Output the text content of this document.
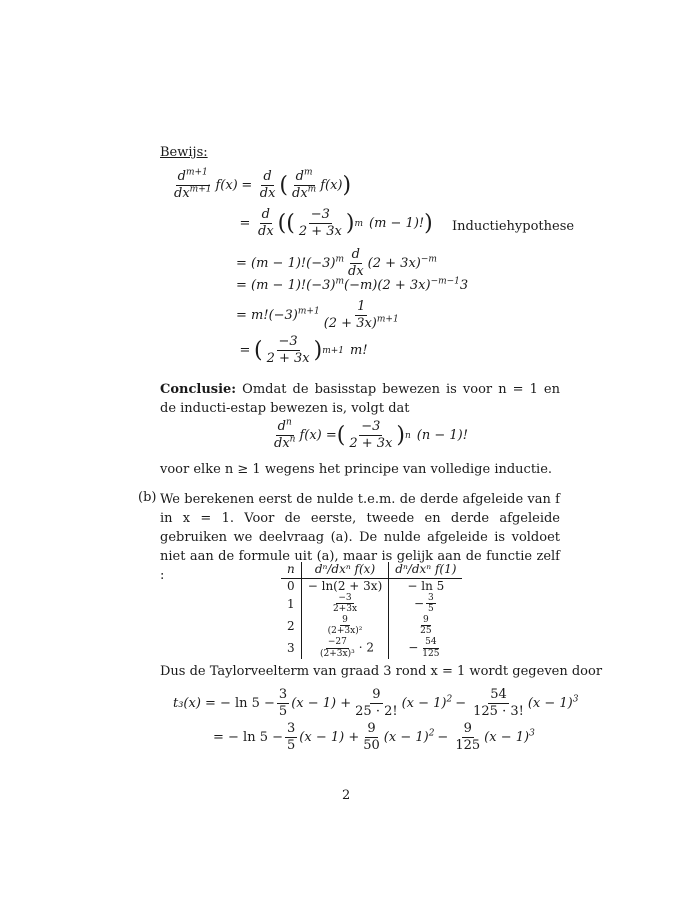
Bewijs:
$\frac{d^{m+1}}{dx^{m+1}} f(x) = \frac{d}{dx}$ ( $\frac{d^m}{dx^m} f(x)$ )
= $\frac{d}{dx}$ (( $\frac{-3}{2 + 3x}$ ) m (m − 1)! ) Inductiehypothese
= $(m - 1)!(-3)^m \frac{d}{dx} (2 + 3x)^{-m}$
= $(m - 1)!(-3)^m(-m)(2 + 3x)^{-m-1}3$
= $m!(-3)^{m+1} \frac{1}{(2 + 3x)^{m+1}}$
= ( $\frac{-3}{2 + 3x}$ ) m+1 m!
Conclusie: Omdat de basisstap bewezen is voor n = 1 en de inducti-estap bewezen is, volgt dat
$\frac{d^n}{dx^n} f(x)$ = ( $\frac{-3}{2 + 3x}$ ) n (n − 1)!
voor elke n ≥ 1 wegens het principe van volledige inductie.
(b) We berekenen eerst de nulde t.e.m. de derde afgeleide van f in x = 1. Voor de eerste, tweede en derde afgeleide gebruiken we deelvraag (a). De nulde afgeleide is voldoet niet aan de formule uit (a), maar is gelijk aan de functie zelf :	n	dⁿ/dxⁿ f(x)	dⁿ/dxⁿ f(1)
0	− ln(2 + 3x)	− ln 5
1	$\frac{-3}{2+3x}$	− $\frac{3}{5}$

2	$\frac{9}{\text{(2+3x)²}}$	$\frac{9}{25}$

3	$\frac{-27}{\text{(2+3x)³}} \cdot 2$	− $\frac{54}{125}$
Dus de Taylorveelterm van graad 3 rond x = 1 wordt gegeven door
t₃(x) = − $\ln 5 - \frac{3}{5} (x - 1) + \frac{9}{25 \cdot 2!} (x - 1)^2 - \frac{54}{125 \cdot 3!} (x - 1)^3$
= − $\ln 5 - \frac{3}{5} (x - 1) + \frac{9}{50} (x - 1)^2 - \frac{9}{125} (x - 1)^3$
2
